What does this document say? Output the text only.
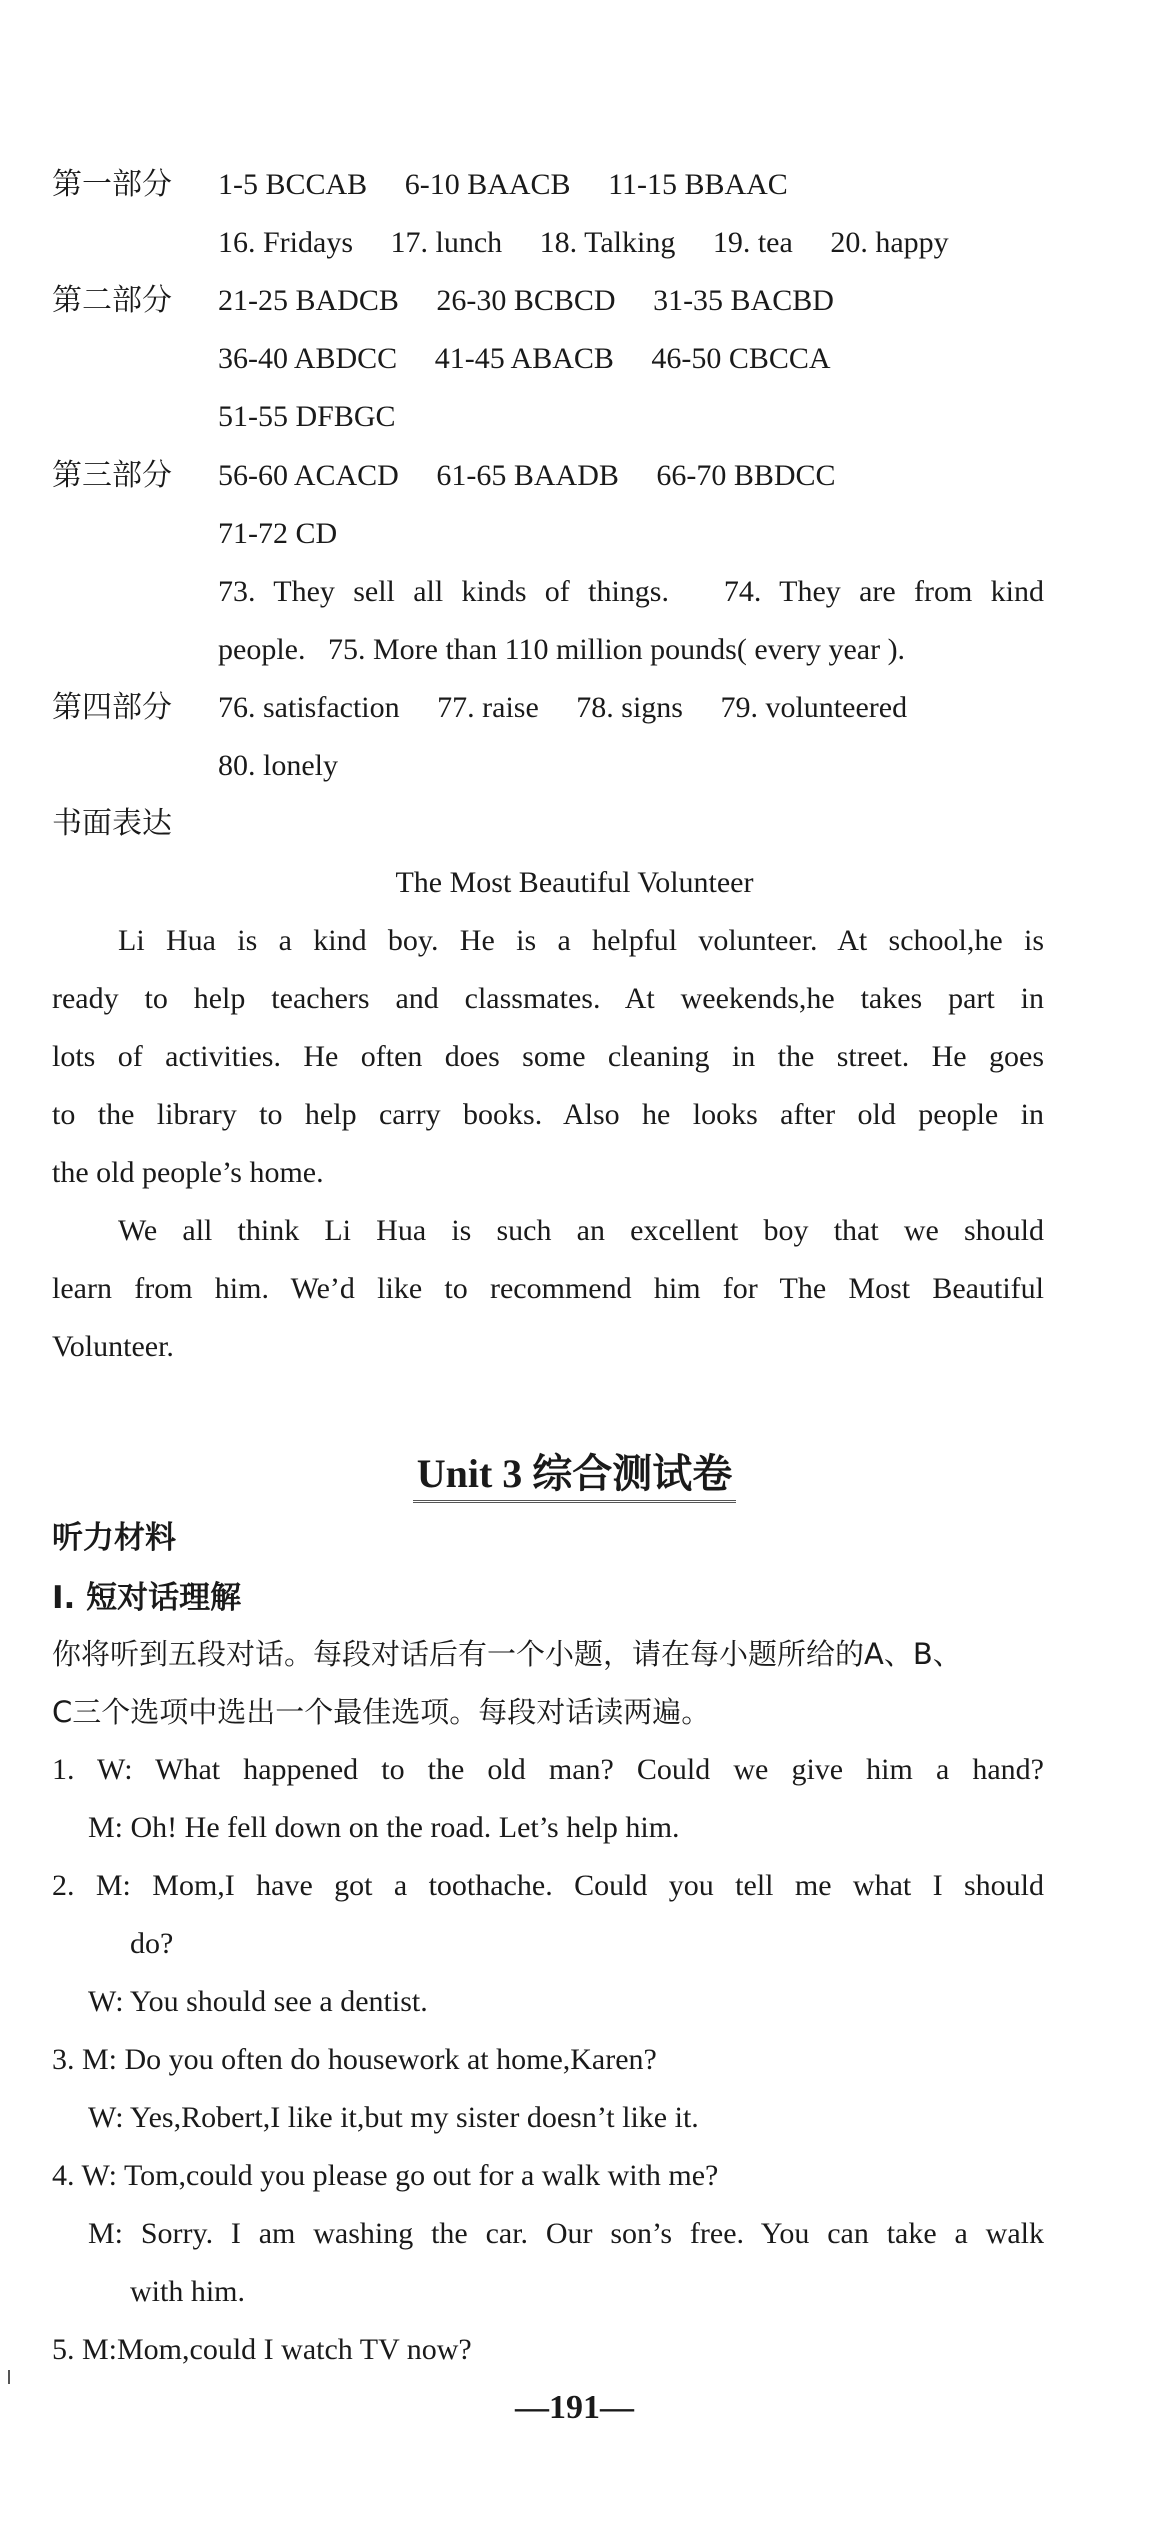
第一部分 1-5 BCCAB 6-10 BAACB 11-15 BBAAC
16. Fridays 17. lunch 18. Talking 19. tea 20. happy
第二部分 21-25 BADCB 26-30 BCBCD 31-35 BACBD
36-40 ABDCC 41-45 ABACB 46-50 CBCCA
51-55 DFBGC
第三部分 56-60 ACACD 61-65 BAADB 66-70 BBDCC
71-72 CD
73. They sell all kinds of things.   74. They are from kind
people.   75. More than 110 million pounds( every year ).
第四部分 76. satisfaction 77. raise 78. signs 79. volunteered
80. lonely
书面表达
The Most Beautiful Volunteer
Li Hua is a kind boy. He is a helpful volunteer. At school,he is
ready to help teachers and classmates. At weekends,he takes part in
lots of activities. He often does some cleaning in the street. He goes
to the library to help carry books. Also he looks after old people in
the old people’s home.
We all think Li Hua is such an excellent boy that we should
learn from him. We’d like to recommend him for The Most Beautiful
Volunteer.
Unit 3 综合测试卷
听力材料
Ⅰ. 短对话理解
你将听到五段对话。每段对话后有一个小题，请在每小题所给的A、B、
C三个选项中选出一个最佳选项。每段对话读两遍。
1. W: What happened to the old man? Could we give him a hand?
M: Oh! He fell down on the road. Let’s help him.
2. M: Mom,I have got a toothache. Could you tell me what I should
do?
W: You should see a dentist.
3. M: Do you often do housework at home,Karen?
W: Yes,Robert,I like it,but my sister doesn’t like it.
4. W: Tom,could you please go out for a walk with me?
M: Sorry. I am washing the car. Our son’s free. You can take a walk
with him.
5. M:Mom,could I watch TV now?
—191—
